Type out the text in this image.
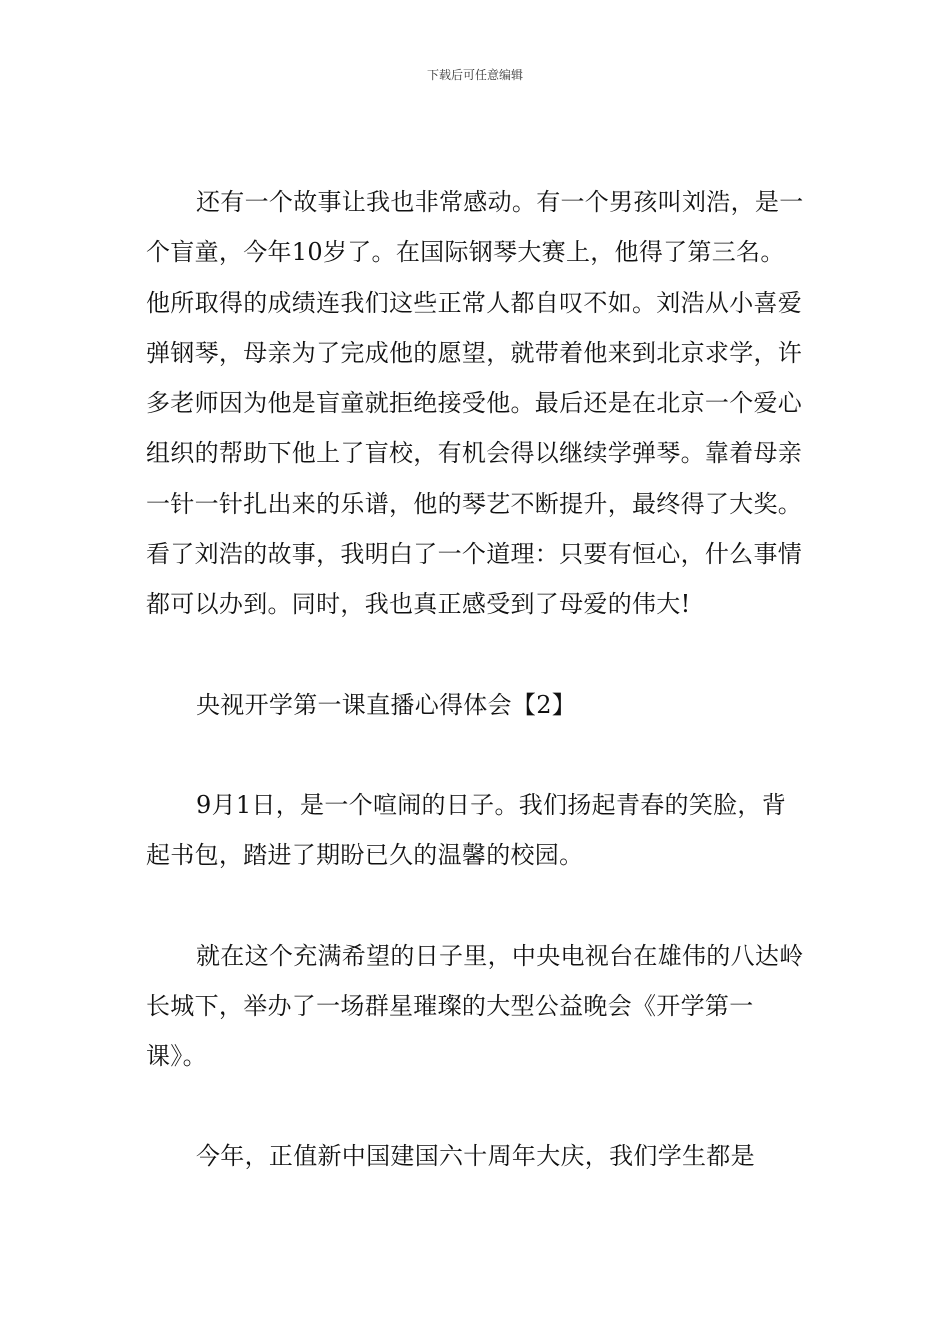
下载后可任意编辑

还有一个故事让我也非常感动。有一个男孩叫刘浩，是一个盲童，今年10岁了。在国际钢琴大赛上，他得了第三名。他所取得的成绩连我们这些正常人都自叹不如。刘浩从小喜爱弹钢琴，母亲为了完成他的愿望，就带着他来到北京求学，许多老师因为他是盲童就拒绝接受他。最后还是在北京一个爱心组织的帮助下他上了盲校，有机会得以继续学弹琴。靠着母亲一针一针扎出来的乐谱，他的琴艺不断提升，最终得了大奖。看了刘浩的故事，我明白了一个道理：只要有恒心，什么事情都可以办到。同时，我也真正感受到了母爱的伟大!

央视开学第一课直播心得体会【2】

9月1日，是一个喧闹的日子。我们扬起青春的笑脸，背起书包，踏进了期盼已久的温馨的校园。

就在这个充满希望的日子里，中央电视台在雄伟的八达岭长城下，举办了一场群星璀璨的大型公益晚会《开学第一课》。

今年，正值新中国建国六十周年大庆，我们学生都是
